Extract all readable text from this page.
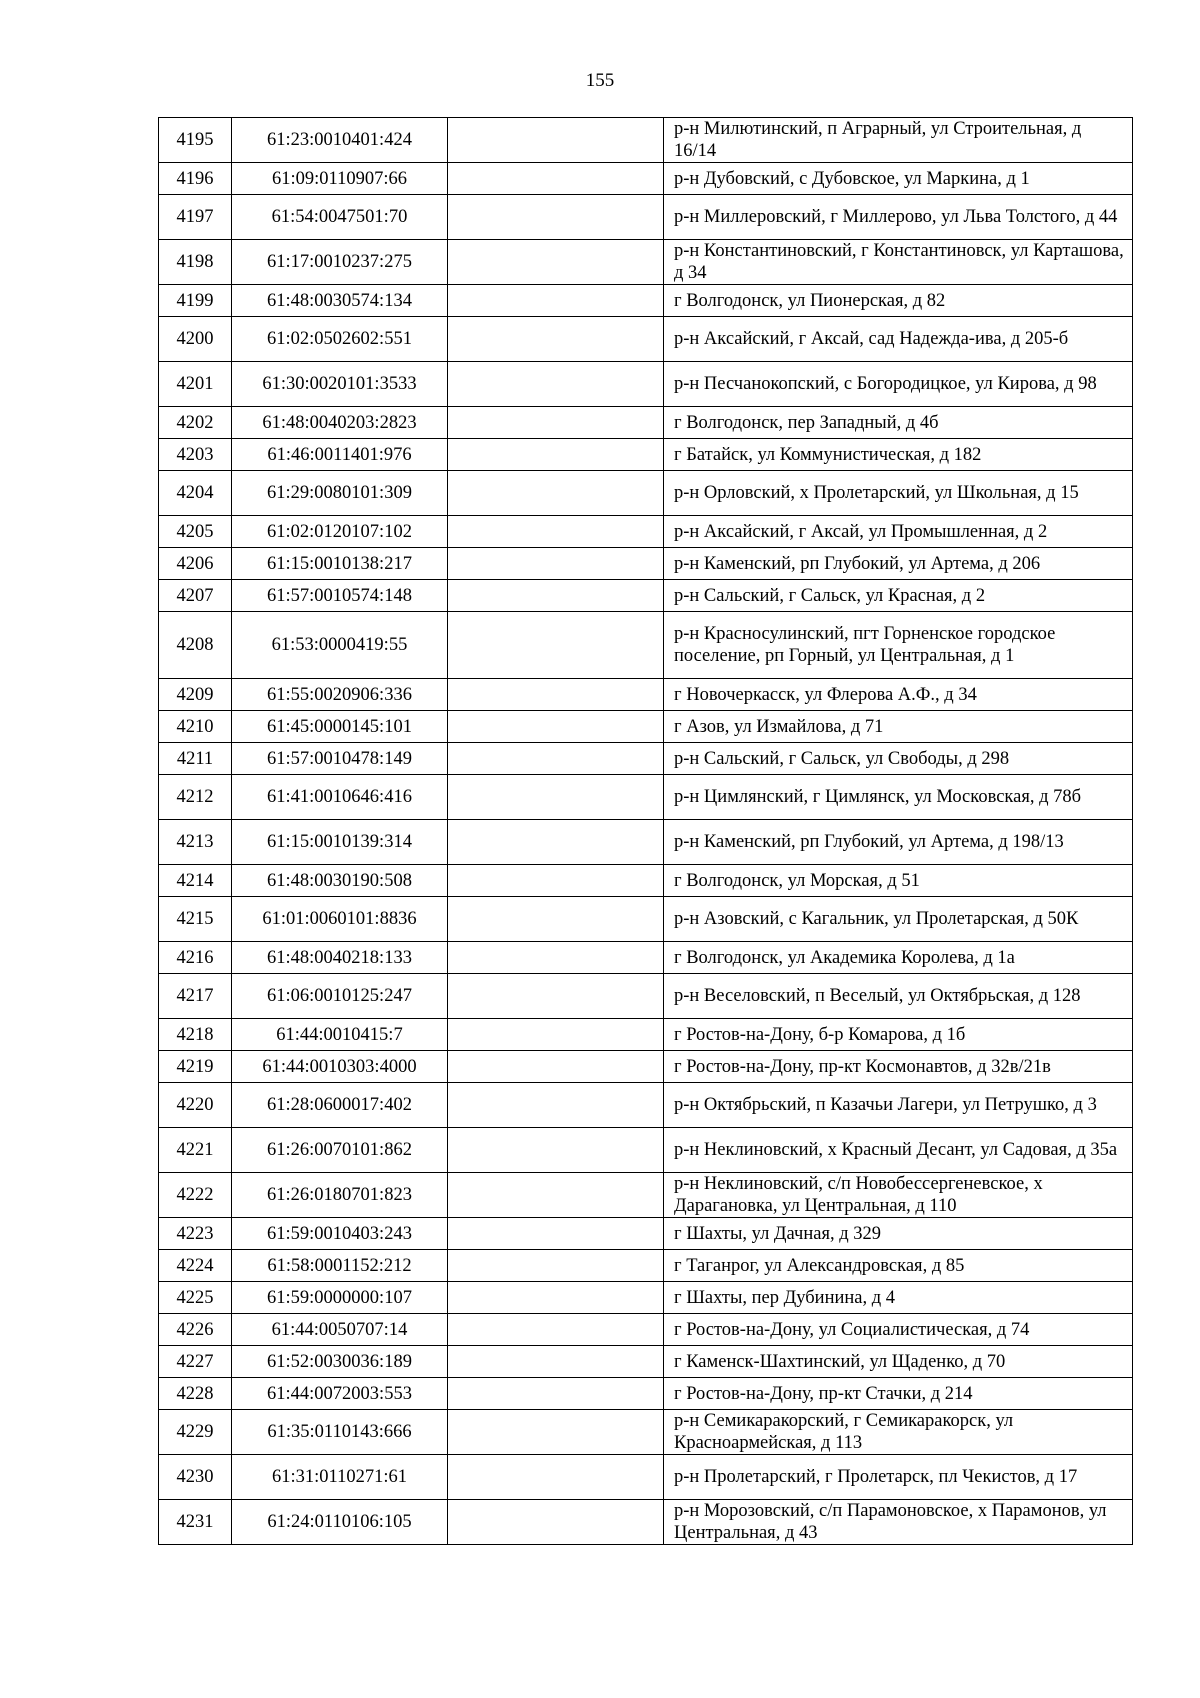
155
4195	61:23:0010401:424		р-н Милютинский, п Аграрный, ул Строительная, д 16/14
4196	61:09:0110907:66		р-н Дубовский, с Дубовское, ул Маркина, д 1
4197	61:54:0047501:70		р-н Миллеровский, г Миллерово, ул Льва Толстого, д 44
4198	61:17:0010237:275		р-н Константиновский, г Константиновск, ул Карташова, д 34
4199	61:48:0030574:134		г Волгодонск, ул Пионерская, д 82
4200	61:02:0502602:551		р-н Аксайский, г Аксай, сад Надежда-ива, д 205-б
4201	61:30:0020101:3533		р-н Песчанокопский, с Богородицкое, ул Кирова, д 98
4202	61:48:0040203:2823		г Волгодонск, пер Западный, д 4б
4203	61:46:0011401:976		г Батайск, ул Коммунистическая, д 182
4204	61:29:0080101:309		р-н Орловский, х Пролетарский, ул Школьная, д 15
4205	61:02:0120107:102		р-н Аксайский, г Аксай, ул Промышленная, д 2
4206	61:15:0010138:217		р-н Каменский, рп Глубокий, ул Артема, д 206
4207	61:57:0010574:148		р-н Сальский, г Сальск, ул Красная, д 2
4208	61:53:0000419:55		р-н Красносулинский, пгт Горненское городское поселение, рп Горный, ул Центральная, д 1
4209	61:55:0020906:336		г Новочеркасск, ул Флерова А.Ф., д 34
4210	61:45:0000145:101		г Азов, ул Измайлова, д 71
4211	61:57:0010478:149		р-н Сальский, г Сальск, ул Свободы, д 298
4212	61:41:0010646:416		р-н Цимлянский, г Цимлянск, ул Московская, д 78б
4213	61:15:0010139:314		р-н Каменский, рп Глубокий, ул Артема, д 198/13
4214	61:48:0030190:508		г Волгодонск, ул Морская, д 51
4215	61:01:0060101:8836		р-н Азовский, с Кагальник, ул Пролетарская, д 50К
4216	61:48:0040218:133		г Волгодонск, ул Академика Королева, д 1а
4217	61:06:0010125:247		р-н Веселовский, п Веселый, ул Октябрьская, д 128
4218	61:44:0010415:7		г Ростов-на-Дону, б-р Комарова, д 1б
4219	61:44:0010303:4000		г Ростов-на-Дону, пр-кт Космонавтов, д 32в/21в
4220	61:28:0600017:402		р-н Октябрьский, п Казачьи Лагери, ул Петрушко, д 3
4221	61:26:0070101:862		р-н Неклиновский, х Красный Десант, ул Садовая, д 35а
4222	61:26:0180701:823		р-н Неклиновский, с/п Новобессергеневское, х Дарагановка, ул Центральная, д 110
4223	61:59:0010403:243		г Шахты, ул Дачная, д 329
4224	61:58:0001152:212		г Таганрог, ул Александровская, д 85
4225	61:59:0000000:107		г Шахты, пер Дубинина, д 4
4226	61:44:0050707:14		г Ростов-на-Дону, ул Социалистическая, д 74
4227	61:52:0030036:189		г Каменск-Шахтинский, ул Щаденко, д 70
4228	61:44:0072003:553		г Ростов-на-Дону, пр-кт Стачки, д 214
4229	61:35:0110143:666		р-н Семикаракорский, г Семикаракорск, ул Красноармейская, д 113
4230	61:31:0110271:61		р-н Пролетарский, г Пролетарск, пл Чекистов, д 17
4231	61:24:0110106:105		р-н Морозовский, с/п Парамоновское, х Парамонов, ул Центральная, д 43
